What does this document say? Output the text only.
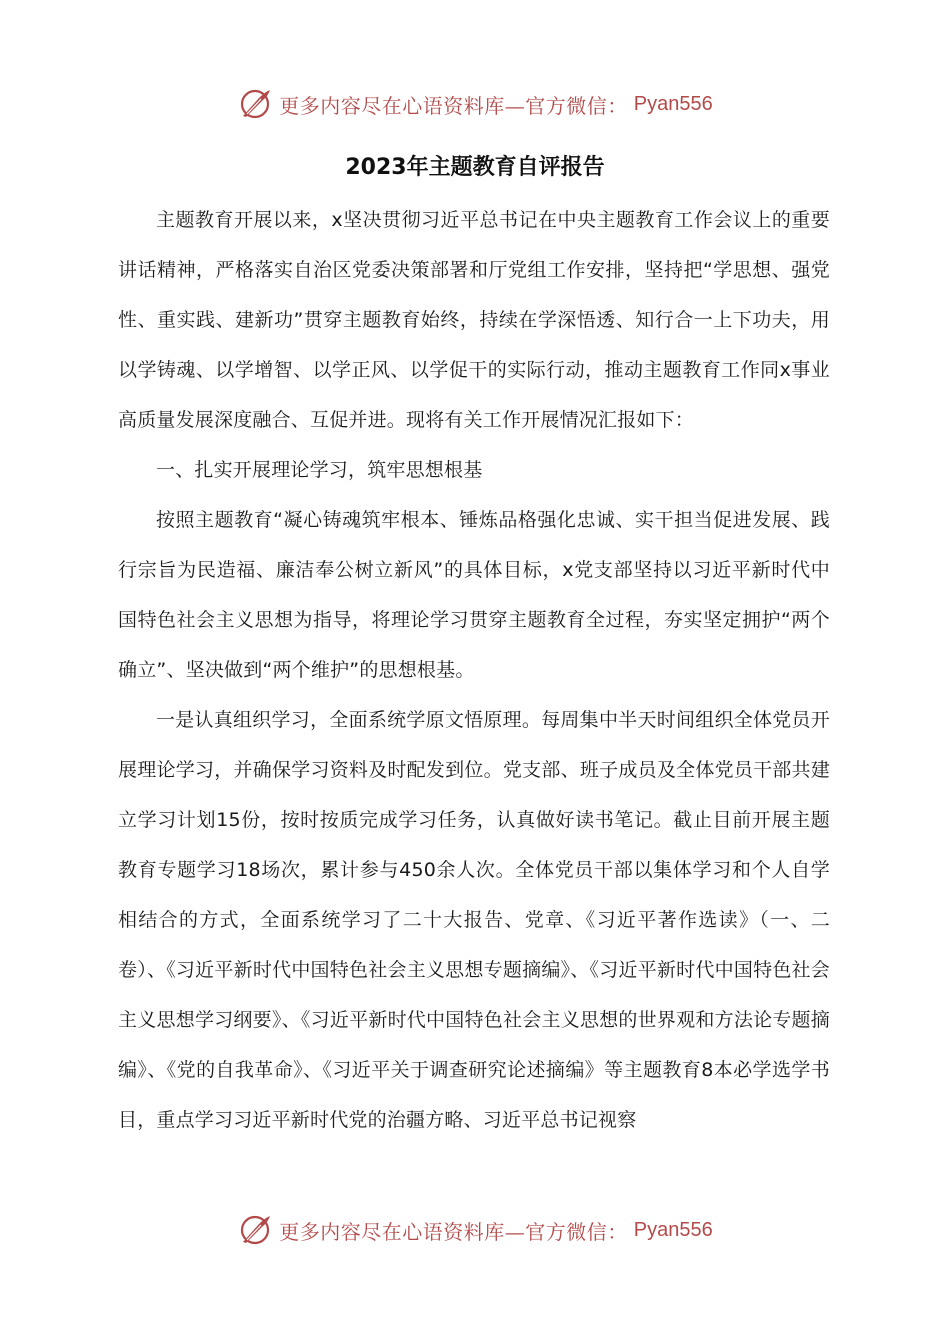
更多内容尽在心语资料库—官方微信： Pyan556
2023年主题教育自评报告

主题教育开展以来，x坚决贯彻习近平总书记在中央主题教育工作会议上的重要讲话精神，严格落实自治区党委决策部署和厅党组工作安排，坚持把“学思想、强党性、重实践、建新功”贯穿主题教育始终，持续在学深悟透、知行合一上下功夫，用以学铸魂、以学增智、以学正风、以学促干的实际行动，推动主题教育工作同x事业高质量发展深度融合、互促并进。现将有关工作开展情况汇报如下：

一、扎实开展理论学习，筑牢思想根基

按照主题教育“凝心铸魂筑牢根本、锤炼品格强化忠诚、实干担当促进发展、践行宗旨为民造福、廉洁奉公树立新风”的具体目标，x党支部坚持以习近平新时代中国特色社会主义思想为指导，将理论学习贯穿主题教育全过程，夯实坚定拥护“两个确立”、坚决做到“两个维护”的思想根基。

一是认真组织学习，全面系统学原文悟原理。每周集中半天时间组织全体党员开展理论学习，并确保学习资料及时配发到位。党支部、班子成员及全体党员干部共建立学习计划15份，按时按质完成学习任务，认真做好读书笔记。截止目前开展主题教育专题学习18场次，累计参与450余人次。全体党员干部以集体学习和个人自学相结合的方式，全面系统学习了二十大报告、党章、《习近平著作选读》（一、二卷）、《习近平新时代中国特色社会主义思想专题摘编》、《习近平新时代中国特色社会主义思想学习纲要》、《习近平新时代中国特色社会主义思想的世界观和方法论专题摘编》、《党的自我革命》、《习近平关于调查研究论述摘编》等主题教育8本必学选学书目，重点学习习近平新时代党的治疆方略、习近平总书记视察

更多内容尽在心语资料库—官方微信： Pyan556
